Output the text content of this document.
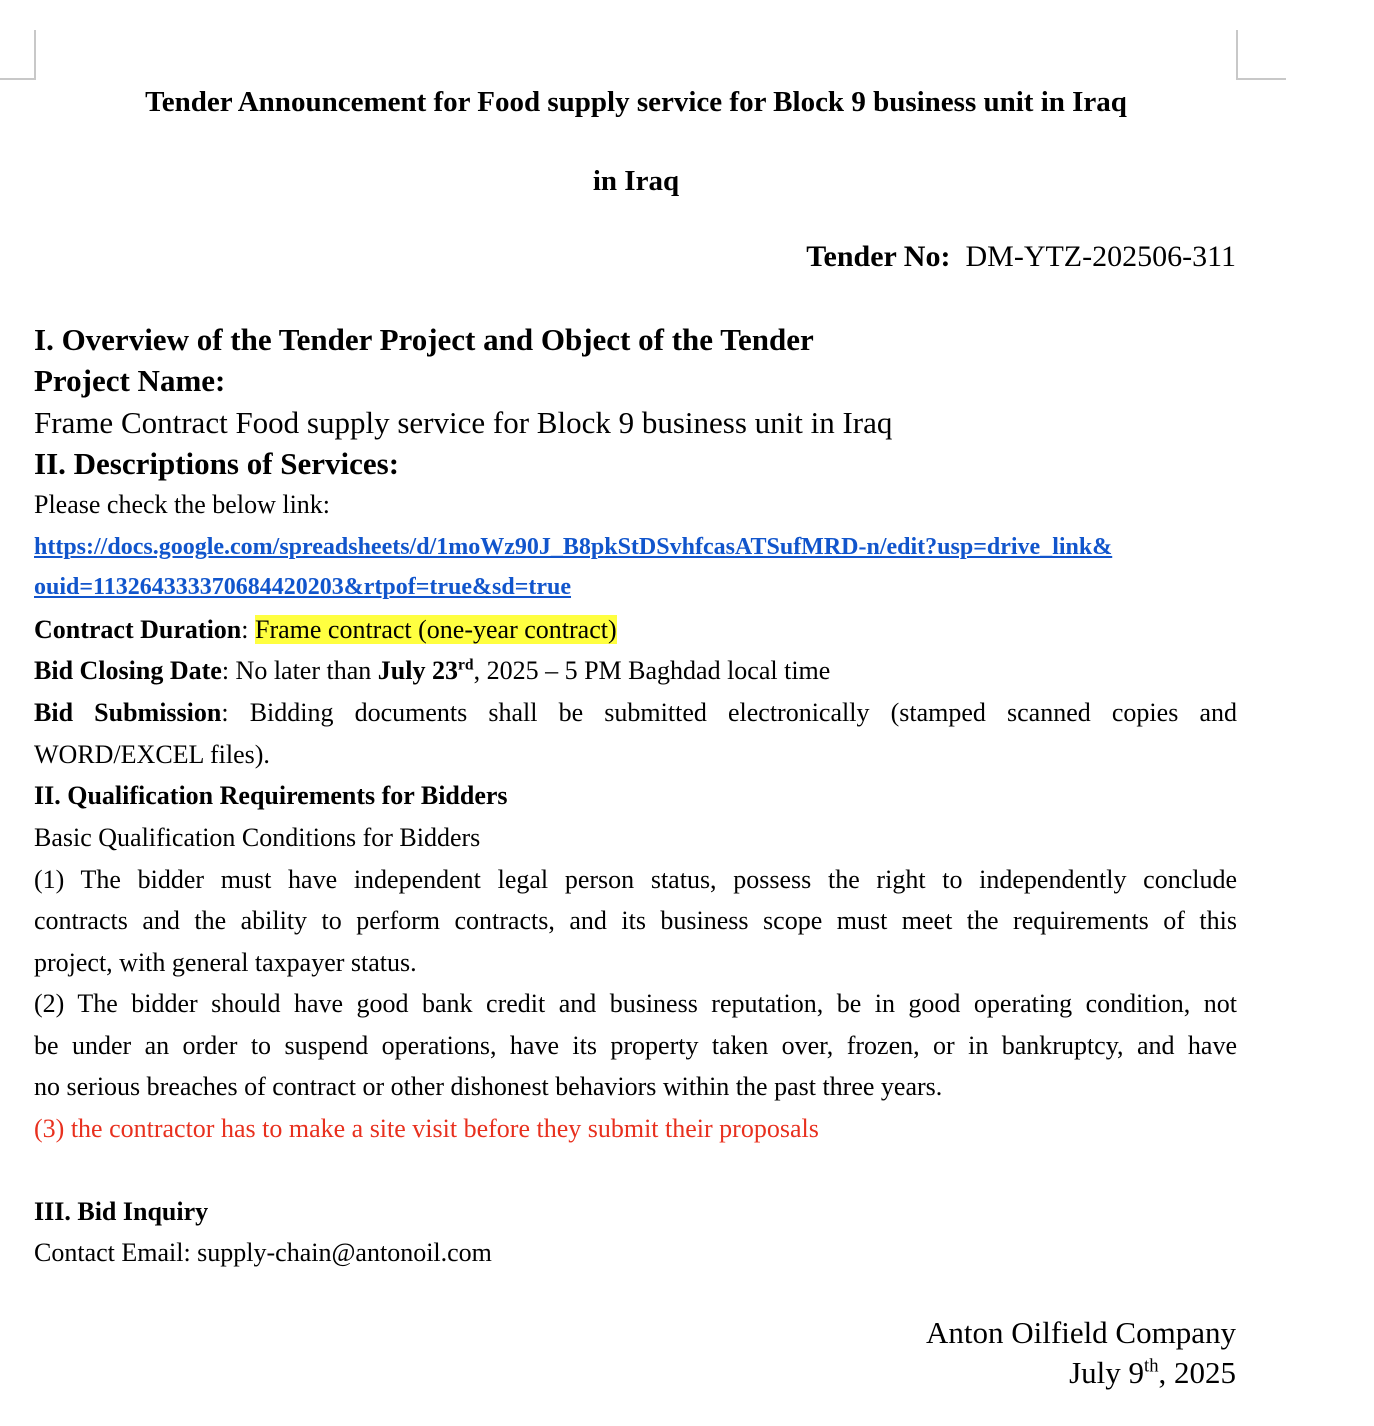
Tender Announcement for Food supply service for Block 9 business unit in Iraq
in Iraq
Tender No: DM-YTZ-202506-311
I. Overview of the Tender Project and Object of the Tender
Project Name:
Frame Contract Food supply service for Block 9 business unit in Iraq
II. Descriptions of Services:
Please check the below link:
https://docs.google.com/spreadsheets/d/1moWz90J_B8pkStDSvhfcasATSufMRD-n/edit?usp=drive_link&
ouid=113264333370684420203&rtpof=true&sd=true
Contract Duration: Frame contract (one-year contract)
Bid Closing Date: No later than July 23rd, 2025 – 5 PM Baghdad local time
Bid Submission: Bidding documents shall be submitted electronically (stamped scanned copies and
WORD/EXCEL files).
II. Qualification Requirements for Bidders
Basic Qualification Conditions for Bidders
(1) The bidder must have independent legal person status, possess the right to independently conclude
contracts and the ability to perform contracts, and its business scope must meet the requirements of this
project, with general taxpayer status.
(2) The bidder should have good bank credit and business reputation, be in good operating condition, not
be under an order to suspend operations, have its property taken over, frozen, or in bankruptcy, and have
no serious breaches of contract or other dishonest behaviors within the past three years.
(3) the contractor has to make a site visit before they submit their proposals
III. Bid Inquiry
Contact Email: supply-chain@antonoil.com
Anton Oilfield Company
July 9th, 2025
